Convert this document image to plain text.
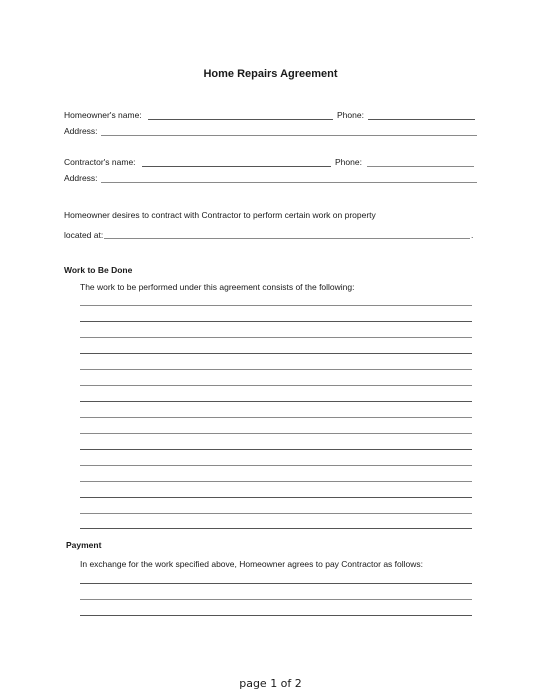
Home Repairs Agreement
Homeowner's name:	Phone:
Address:
Contractor's name:	Phone:
Address:
Homeowner desires to contract with Contractor to perform certain work on property
located at:	.
Work to Be Done
The work to be performed under this agreement consists of the following:
Payment
In exchange for the work specified above, Homeowner agrees to pay Contractor as follows:
page 1 of 2
